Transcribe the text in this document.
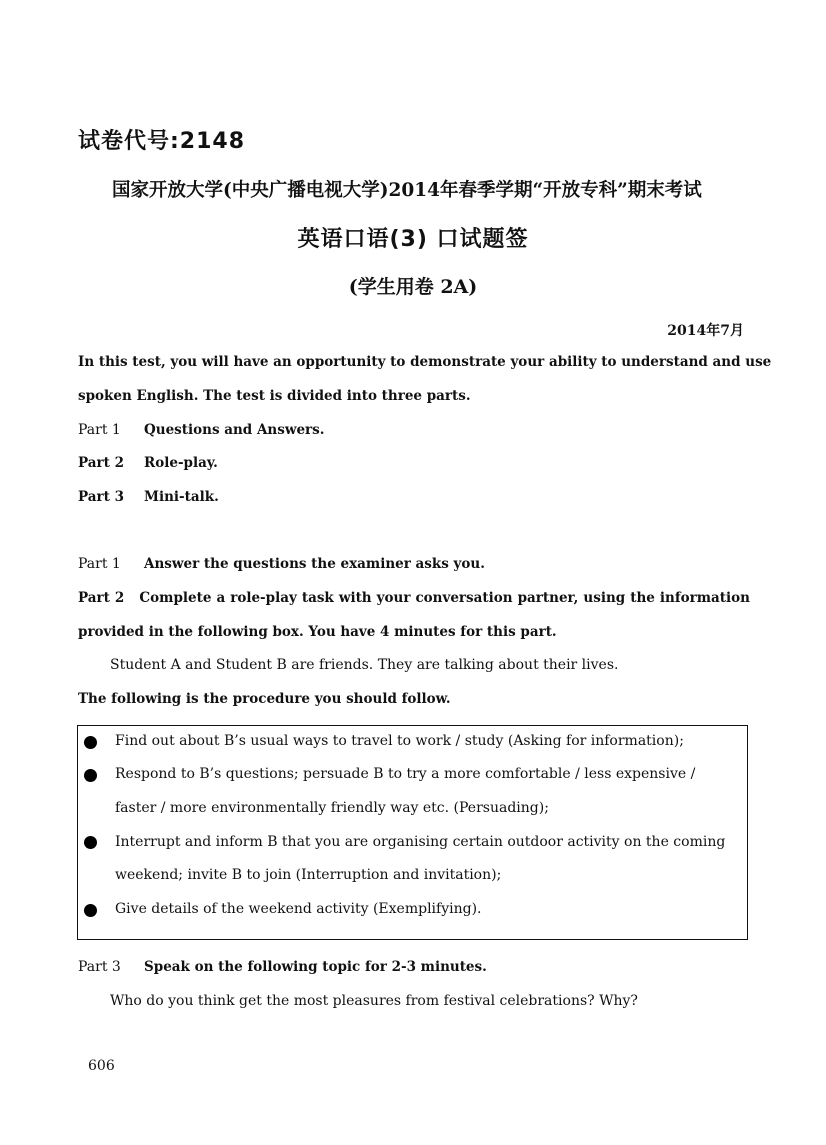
试卷代号:2148
国家开放大学(中央广播电视大学)2014年春季学期“开放专科”期末考试
英语口语(3) 口试题签
(学生用卷 2A)
2014年7月
In this test, you will have an opportunity to demonstrate your ability to understand and use
spoken English. The test is divided into three parts.
Part 1 Questions and Answers.
Part 2 Role-play.
Part 3 Mini-talk.
Part 1 Answer the questions the examiner asks you.
Part 2 Complete a role-play task with your conversation partner, using the information
provided in the following box. You have 4 minutes for this part.
Student A and Student B are friends. They are talking about their lives.
The following is the procedure you should follow.
Find out about B’s usual ways to travel to work / study (Asking for information);
Respond to B’s questions; persuade B to try a more comfortable / less expensive /
faster / more environmentally friendly way etc. (Persuading);
Interrupt and inform B that you are organising certain outdoor activity on the coming
weekend; invite B to join (Interruption and invitation);
Give details of the weekend activity (Exemplifying).
Part 3 Speak on the following topic for 2-3 minutes.
Who do you think get the most pleasures from festival celebrations? Why?
606
